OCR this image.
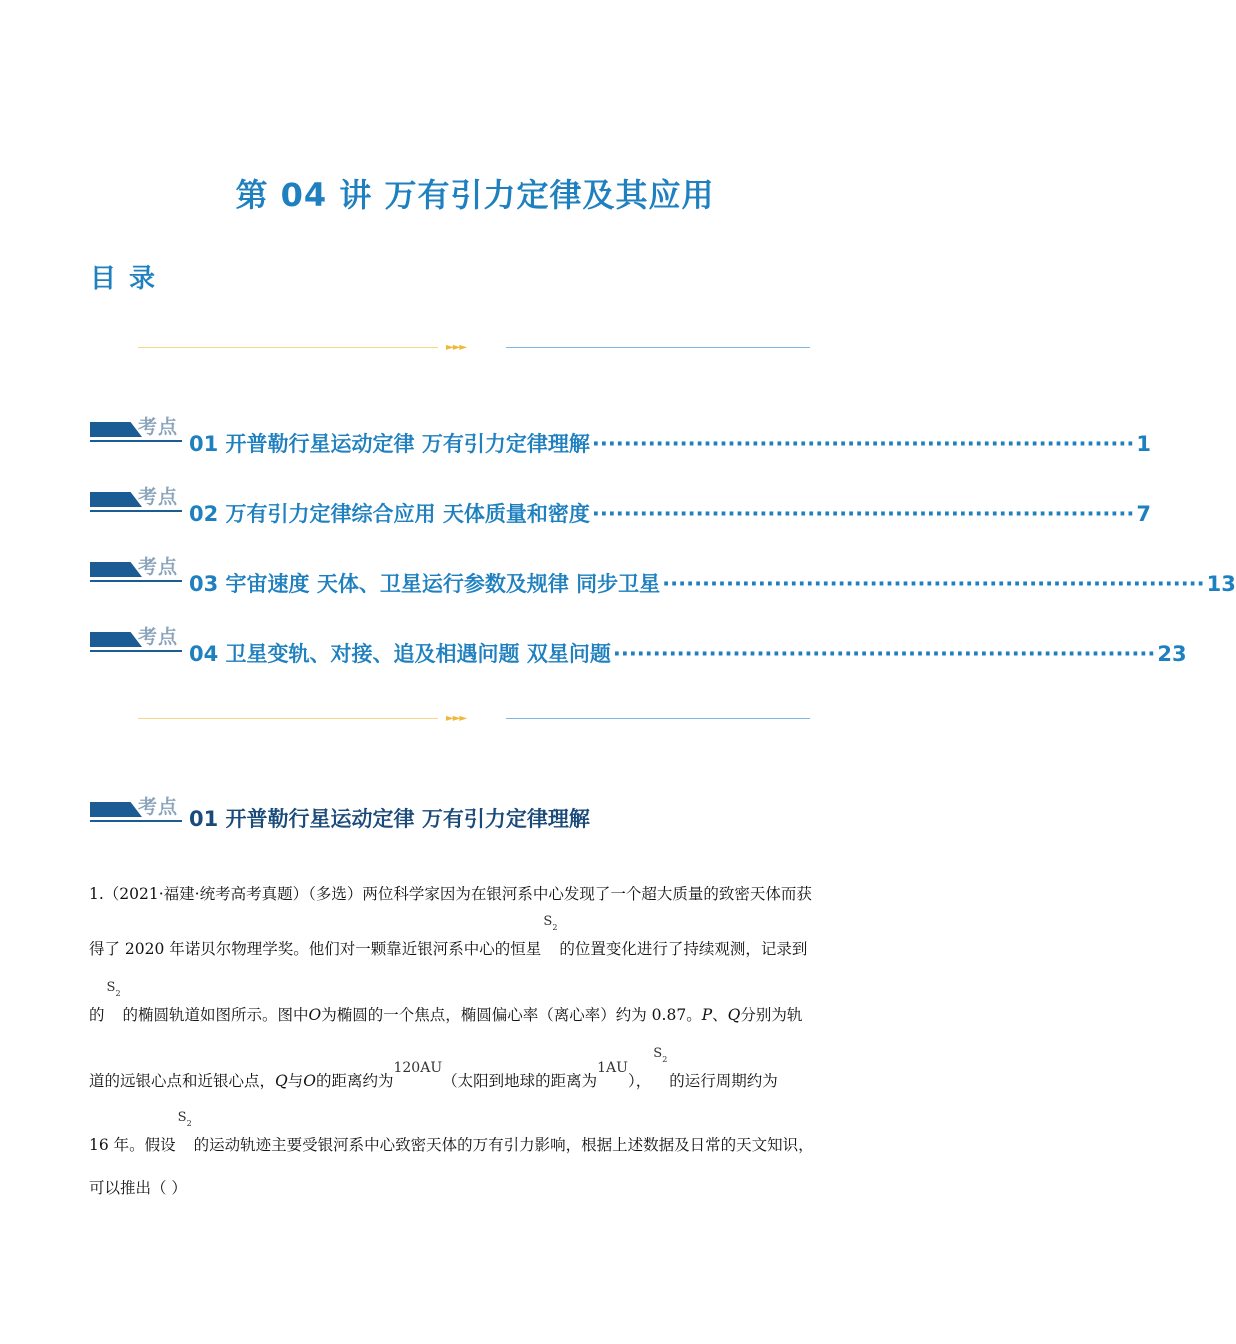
第 04 讲 万有引力定律及其应用
目 录
►►►
考点
01 开普勒行星运动定律 万有引力定律理解 ···································································· 1
考点
02 万有引力定律综合应用 天体质量和密度 ···································································· 7
考点
03 宇宙速度 天体、卫星运行参数及规律 同步卫星 ···································································· 13
考点
04 卫星变轨、对接、追及相遇问题 双星问题 ···································································· 23
►►►
考点 01 开普勒行星运动定律 万有引力定律理解
1.（2021·福建·统考高考真题）（多选）两位科学家因为在银河系中心发现了一个超大质量的致密天体而获
得了 2020 年诺贝尔物理学奖。他们对一颗靠近银河系中心的恒星
S 2
的位置变化进行了持续观测，记录到
的
S 2
的椭圆轨道如图所示。图中O为椭圆的一个焦点，椭圆偏心率（离心率）约为 0.87。P、Q分别为轨
道的远银心点和近银心点，Q与O的距离约为120AU（太阳到地球的距离为1AU），
S 2
的运行周期约为
16 年。假设
S 2
的运动轨迹主要受银河系中心致密天体的万有引力影响，根据上述数据及日常的天文知识，
可以推出（ ）
